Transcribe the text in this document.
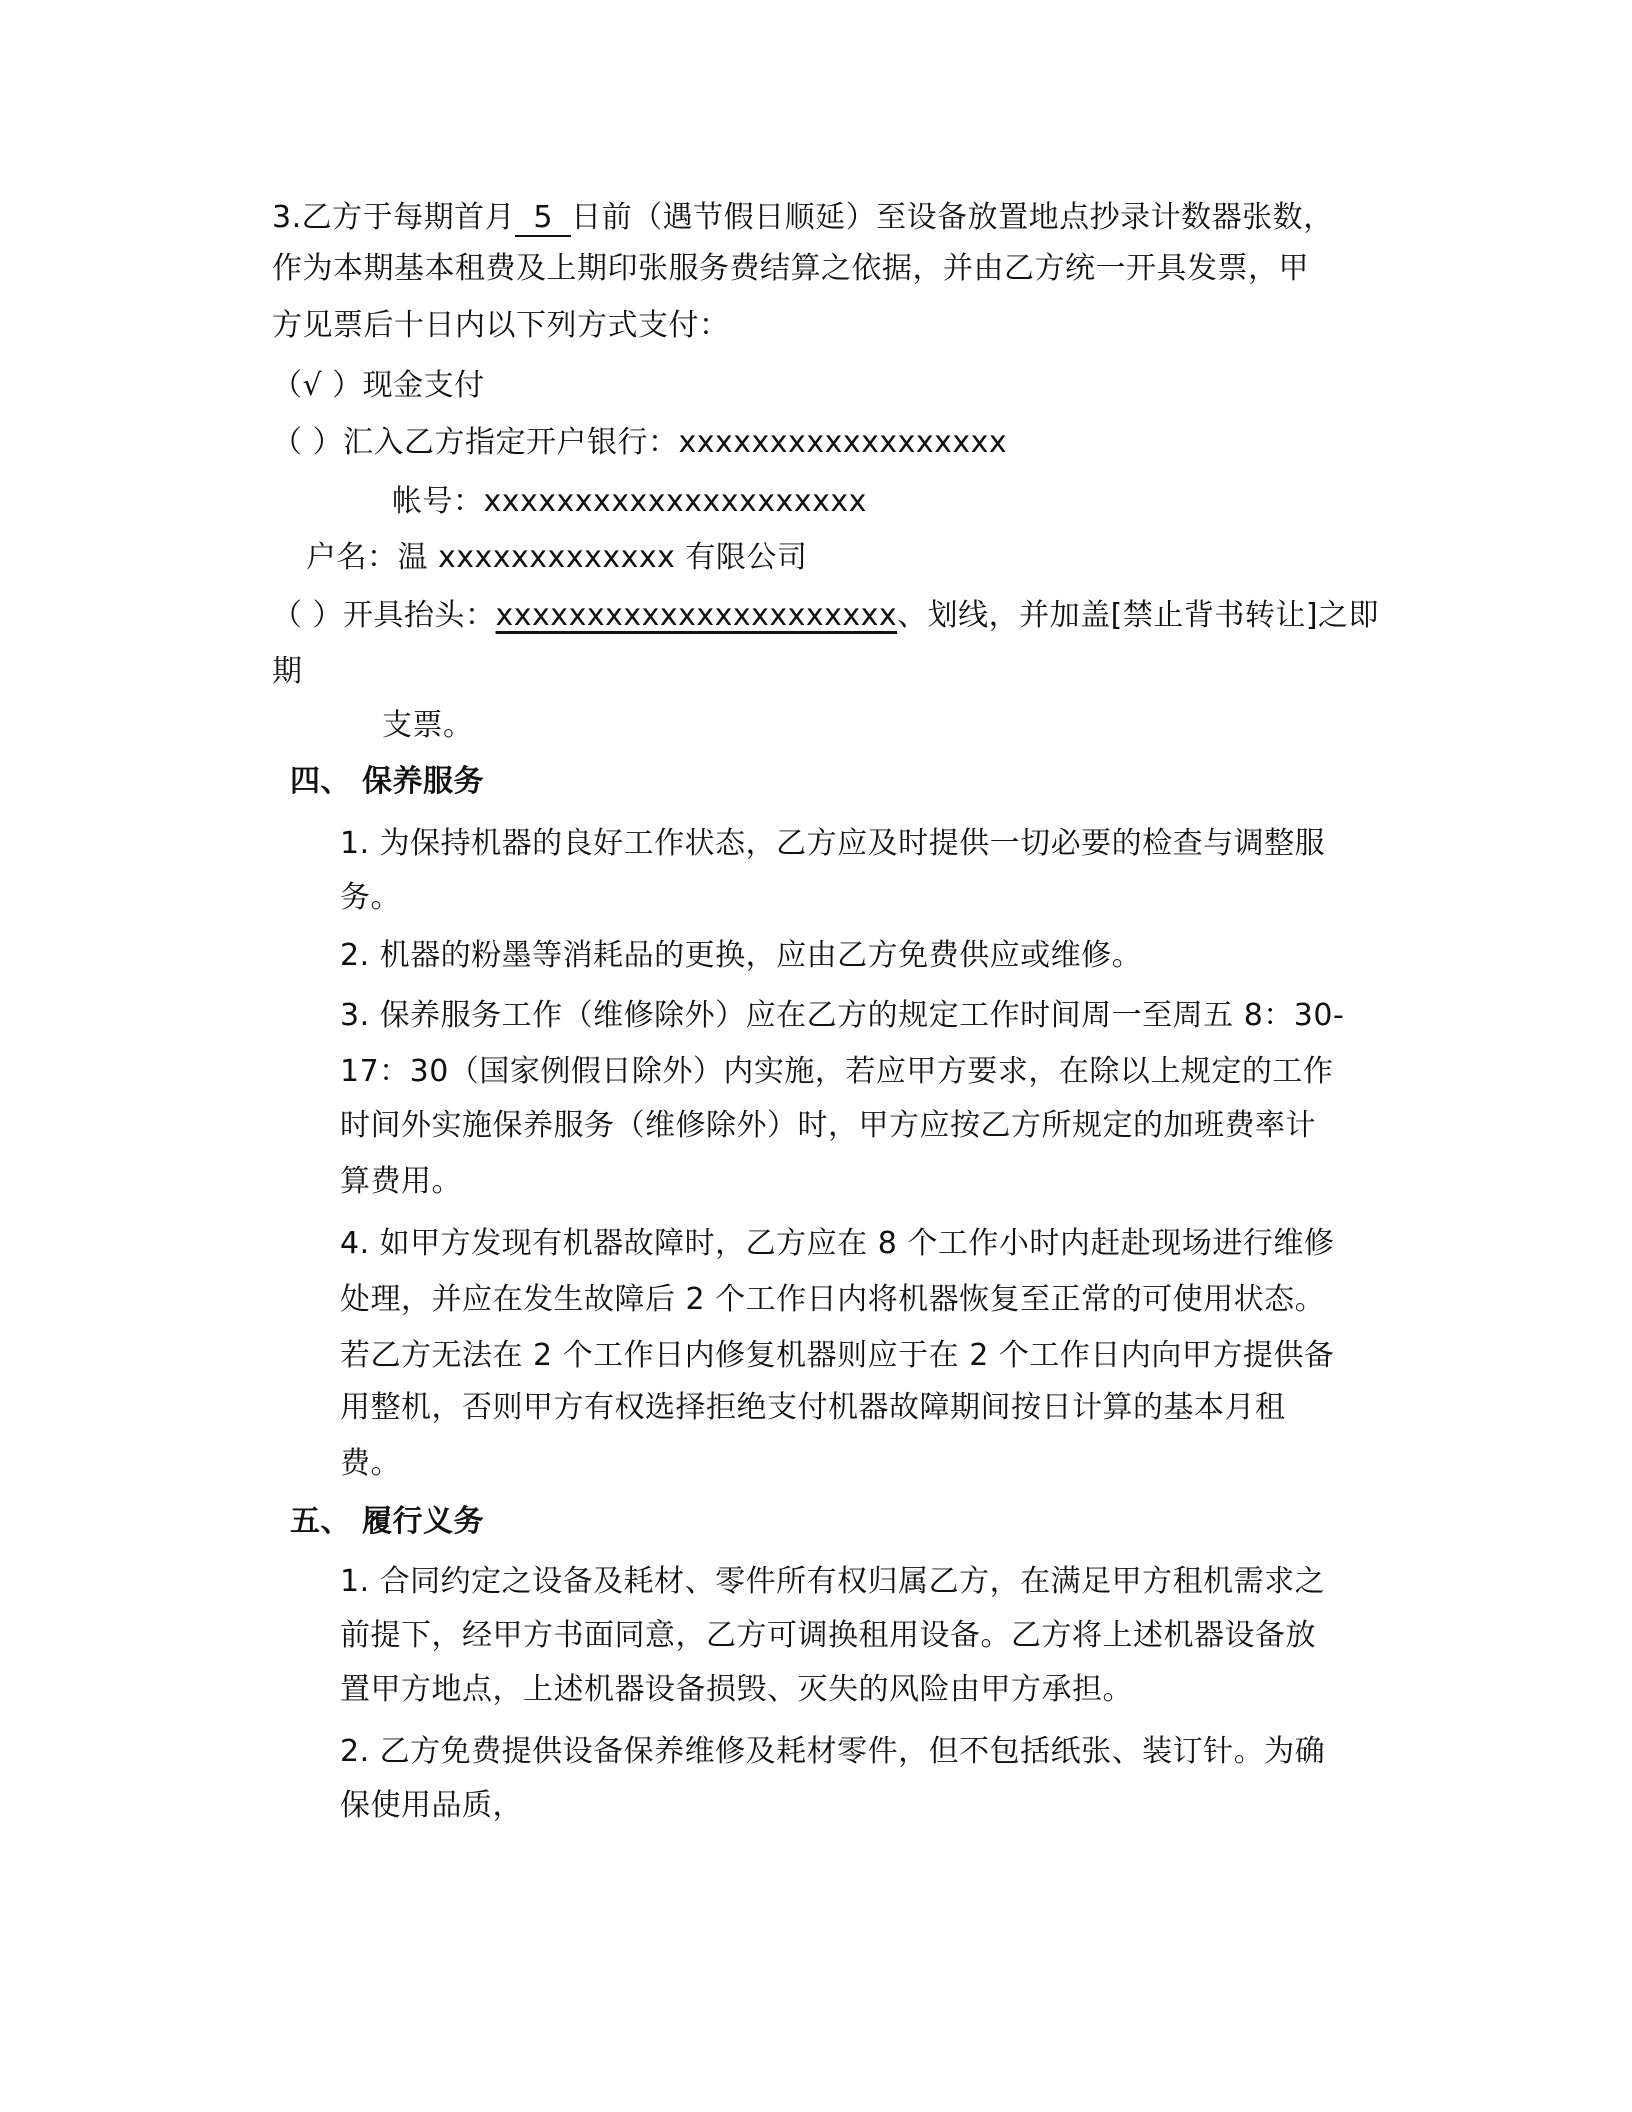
3.乙方于每期首月 5 日前（遇节假日顺延）至设备放置地点抄录计数器张数，
作为本期基本租费及上期印张服务费结算之依据，并由乙方统一开具发票，甲
方见票后十日内以下列方式支付：
（√ ）现金支付
（ ）汇入乙方指定开户银行：xxxxxxxxxxxxxxxxxx
帐号：xxxxxxxxxxxxxxxxxxxxx
户名：温 xxxxxxxxxxxxx 有限公司
（ ）开具抬头：xxxxxxxxxxxxxxxxxxxxxx、划线，并加盖[禁止背书转让]之即
期
支票。
四、 保养服务
1. 为保持机器的良好工作状态，乙方应及时提供一切必要的检查与调整服
务。
2. 机器的粉墨等消耗品的更换，应由乙方免费供应或维修。
3. 保养服务工作（维修除外）应在乙方的规定工作时间周一至周五 8：30-
17：30（国家例假日除外）内实施，若应甲方要求，在除以上规定的工作
时间外实施保养服务（维修除外）时，甲方应按乙方所规定的加班费率计
算费用。
4. 如甲方发现有机器故障时，乙方应在 8 个工作小时内赶赴现场进行维修
处理，并应在发生故障后 2 个工作日内将机器恢复至正常的可使用状态。
若乙方无法在 2 个工作日内修复机器则应于在 2 个工作日内向甲方提供备
用整机，否则甲方有权选择拒绝支付机器故障期间按日计算的基本月租
费。
五、 履行义务
1. 合同约定之设备及耗材、零件所有权归属乙方，在满足甲方租机需求之
前提下，经甲方书面同意，乙方可调换租用设备。乙方将上述机器设备放
置甲方地点，上述机器设备损毁、灭失的风险由甲方承担。
2. 乙方免费提供设备保养维修及耗材零件，但不包括纸张、装订针。为确
保使用品质，
